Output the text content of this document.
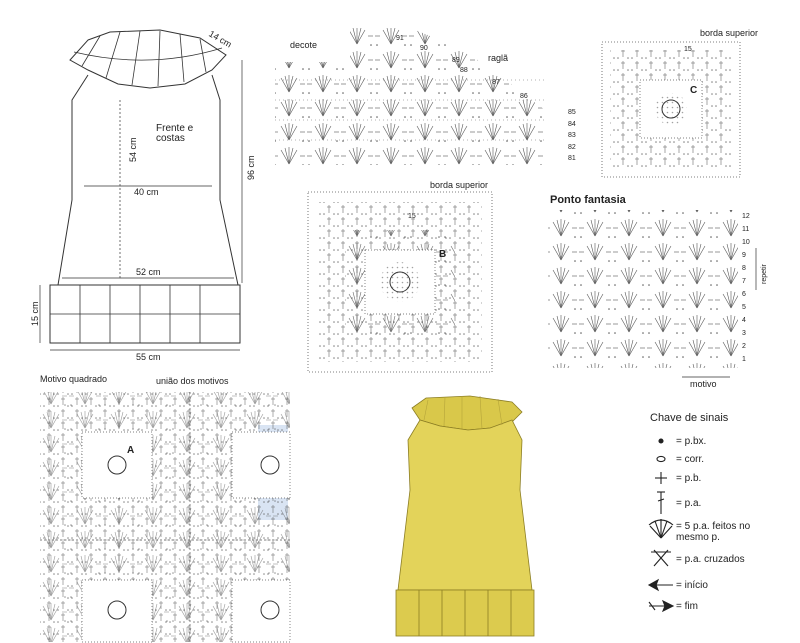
14 cm
Frente e costas
54 cm
96 cm
40 cm
52 cm
15 cm
55 cm
decote
raglã
91
90
89
88
87
86
85
84
83
82
81
borda superior
15
C
borda superior
15
B
Ponto fantasia
repetir
motivo
12
11
10
9
8
7
6
5
4
3
2
1
Motivo quadrado	união dos motivos
A
Chave de sinais
= p.bx.
= corr.
= p.b.
= p.a.
= 5 p.a. feitos no mesmo p.
= p.a. cruzados
= início
= fim
